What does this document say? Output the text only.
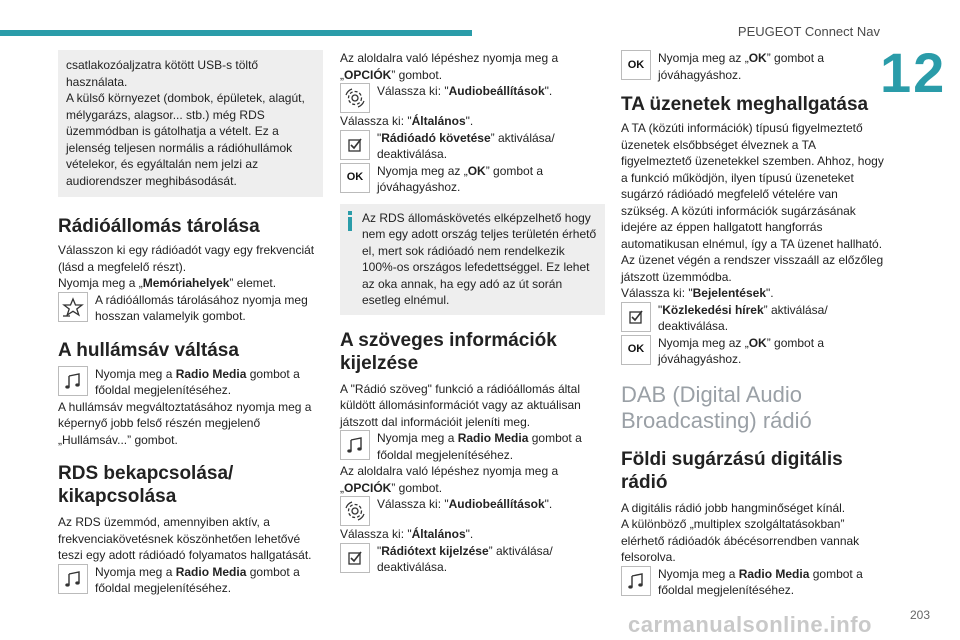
PEUGEOT Connect Nav
12

csatlakozóaljzatra kötött USB-s töltő használata.
A külső környezet (dombok, épületek, alagút, mélygarázs, alagsor... stb.) még RDS üzemmódban is gátolhatja a vételt. Ez a jelenség teljesen normális a rádióhullámok vételekor, és egyáltalán nem jelzi az audiorendszer meghibásodását.

Rádióállomás tárolása

Válasszon ki egy rádióadót vagy egy frekvenciát (lásd a megfelelő részt).

Nyomja meg a „Memóriahelyek” elemet.

A rádióállomás tárolásához nyomja meg hosszan valamelyik gombot.
A hullámsáv váltása
Nyomja meg a Radio Media gombot a főoldal megjelenítéséhez.

A hullámsáv megváltoztatásához nyomja meg a képernyő jobb felső részén megjelenő „Hullámsáv...” gombot.

RDS bekapcsolása/ kikapcsolása

Az RDS üzemmód, amennyiben aktív, a frekvenciakövetésnek köszönhetően lehetővé teszi egy adott rádióadó folyamatos hallgatását.

Nyomja meg a Radio Media gombot a főoldal megjelenítéséhez.

Az aloldalra való lépéshez nyomja meg a „OPCIÓK” gombot.

Válassza ki: "Audiobeállítások".

Válassza ki: "Általános".

"Rádióadó követése” aktiválása/ deaktiválása.
OK Nyomja meg az „OK” gombot a jóváhagyáshoz.
Az RDS állomáskövetés elképzelhető hogy nem egy adott ország teljes területén érhető el, mert sok rádióadó nem rendelkezik 100%-os országos lefedettséggel. Ez lehet az oka annak, ha egy adó az út során esetleg elnémul.
A szöveges információk kijelzése

A "Rádió szöveg" funkció a rádióállomás által küldött állomásinformációt vagy az aktuálisan játszott dal információit jeleníti meg.

Nyomja meg a Radio Media gombot a főoldal megjelenítéséhez.

Az aloldalra való lépéshez nyomja meg a „OPCIÓK” gombot.

Válassza ki: "Audiobeállítások".

Válassza ki: "Általános".

"Rádiótext kijelzése” aktiválása/ deaktiválása.
OK Nyomja meg az „OK” gombot a jóváhagyáshoz.
TA üzenetek meghallgatása

A TA (közúti információk) típusú figyelmeztető üzenetek elsőbbséget élveznek a TA figyelmeztető üzenetekkel szemben. Ahhoz, hogy a funkció működjön, ilyen típusú üzeneteket sugárzó rádióadó megfelelő vételére van szükség. A közúti információk sugárzásának idejére az éppen hallgatott hangforrás automatikusan elnémul, így a TA üzenet hallható. Az üzenet végén a rendszer visszaáll az előzőleg játszott üzemmódba.

Válassza ki: "Bejelentések".

"Közlekedési hírek” aktiválása/ deaktiválása.
OK Nyomja meg az „OK” gombot a jóváhagyáshoz.
DAB (Digital Audio Broadcasting) rádió
Földi sugárzású digitális rádió

A digitális rádió jobb hangminőséget kínál.
A különböző „multiplex szolgáltatásokban” elérhető rádióadók ábécésorrendben vannak felsorolva.

Nyomja meg a Radio Media gombot a főoldal megjelenítéséhez.
carmanualsonline.info	203
